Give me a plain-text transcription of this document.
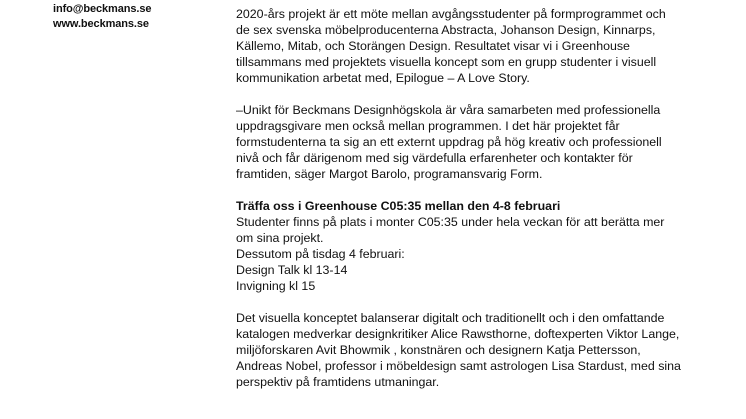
info@beckmans.se
www.beckmans.se
2020-års projekt är ett möte mellan avgångsstudenter på formprogrammet och
de sex svenska möbelproducenterna Abstracta, Johanson Design, Kinnarps,
Källemo, Mitab, och Storängen Design. Resultatet visar vi i Greenhouse
tillsammans med projektets visuella koncept som en grupp studenter i visuell
kommunikation arbetat med, Epilogue – A Love Story.
–Unikt för Beckmans Designhögskola är våra samarbeten med professionella
uppdragsgivare men också mellan programmen. I det här projektet får
formstudenterna ta sig an ett externt uppdrag på hög kreativ och professionell
nivå och får därigenom med sig värdefulla erfarenheter och kontakter för
framtiden, säger Margot Barolo, programansvarig Form.
Träffa oss i Greenhouse C05:35 mellan den 4-8 februari
Studenter finns på plats i monter C05:35 under hela veckan för att berätta mer
om sina projekt.
Dessutom på tisdag 4 februari:
Design Talk kl 13-14
Invigning kl 15
Det visuella konceptet balanserar digitalt och traditionellt och i den omfattande
katalogen medverkar designkritiker Alice Rawsthorne, doftexperten Viktor Lange,
miljöforskaren Avit Bhowmik , konstnären och designern Katja Pettersson,
Andreas Nobel, professor i möbeldesign samt astrologen Lisa Stardust, med sina
perspektiv på framtidens utmaningar.
